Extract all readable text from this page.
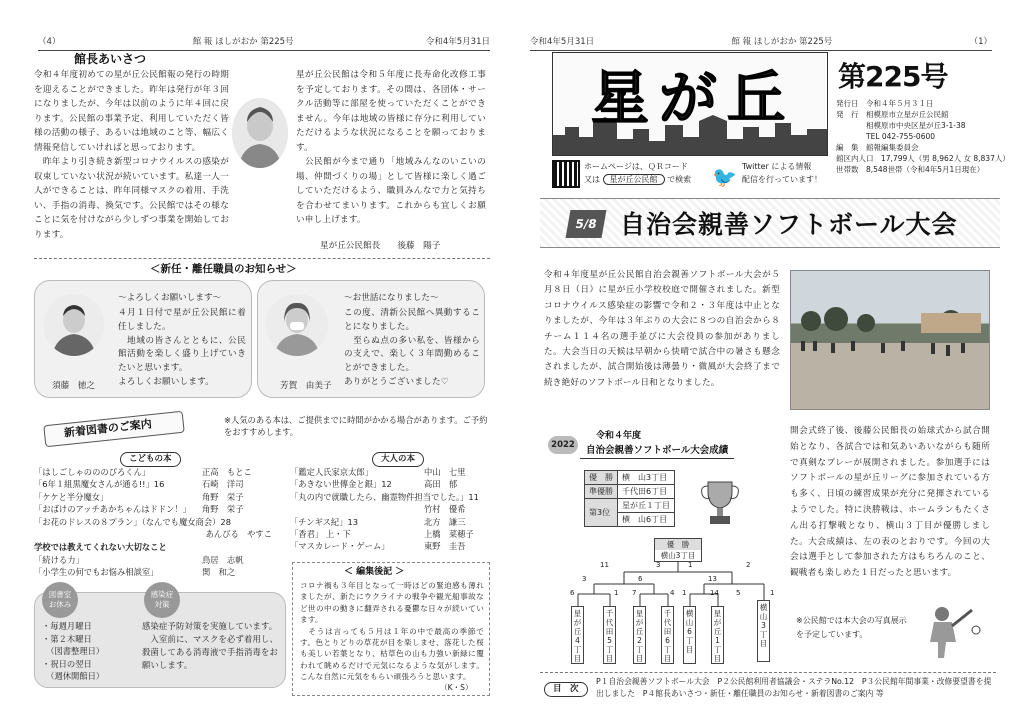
（4）	館 報 ほしがおか 第225号	令和4年5月31日
館長あいさつ
令和４年度初めての星が丘公民館報の発行の時期を迎えることができました。昨年は発行が年３回になりましたが、今年は以前のように年４回に戻ります。公民館の事業予定、利用していただく皆様の活動の様子、あるいは地域のこと等、幅広く情報発信していければと思っております。
　昨年より引き続き新型コロナウイルスの感染が収束していない状況が続いています。私達一人一人ができることは、昨年同様マスクの着用、手洗い、手指の消毒、換気です。公民館ではその様なことに気を付けながら少しずつ事業を開始しております。
星が丘公民館は令和５年度に長寿命化改修工事を予定しております。その間は、各団体・サークル活動等に部屋を使っていただくことができません。今年は地域の皆様に存分に利用していただけるような状況になることを願っております。
　公民館が今まで通り「地域みんなのいこいの場、仲間づくりの場」として皆様に楽しく過ごしていただけるよう、職員みんなで力と気持ちを合わせてまいります。これからも宜しくお願い申し上げます。
星が丘公民館長　　後藤　陽子
＜新任・離任職員のお知らせ＞
須藤　徳之
～よろしくお願いします～
４月１日付で星が丘公民館に着任しました。
　地域の皆さんとともに、公民館活動を楽しく盛り上げていきたいと思います。
よろしくお願いします。	芳賀　由美子
～お世話になりました～
この度、清新公民館へ異動することになりました。
　至らぬ点の多い私を、皆様からの支えで、楽しく３年間勤めることができました。
ありがとうございました♡
新着図書のご案内	※人気のある本は、ご提供までに時間がかかる場合があります。ご予約をおすすめします。
こどもの本
「はしごしゃのののぴろくん」	正高　もとこ
「6年１組黒魔女さんが通る!!」16	石崎　洋司
「ケケと半分魔女」	角野　栄子
「おばけのアッチあかちゃんはドドン！」	角野　栄子
「お花のドレスの８プラン」（なんでも魔女商会）28
あんびる　やすこ
学校では教えてくれない大切なこと
「続ける力」	鳥居　志帆
「小学生の何でもお悩み相談室」	関　和之
大人の本
「鑑定人氏家京太郎」	中山　七里
「あきない世傳金と銀」12	高田　郁
「丸の内で就職したら、幽霊物件担当でした。」11
竹村　優希
「チンギス紀」13	北方　謙三
「香君」 上・下	上橋　菜穂子
「マスカレード・ゲーム」	東野　圭吾
図書室
お休み
・毎週月曜日
・第２木曜日
　（図書整理日）
・祝日の翌日
　（週休開館日）
感染症
対策
感染症予防対策を実施しています。
　入室前に、マスクを必ず着用し、殺菌してある消毒液で手指消毒をお願いします。
＜ 編集後記 ＞
コロナ禍も３年目となって一時ほどの緊迫感も薄れましたが、新たにウクライナの戦争や観光船事故など世の中の動きに翻弄される憂鬱な日々が続いています。
　そうは言っても５月は１年の中で最高の季節です。色とりどりの草花が目を楽しませ、落花した桜も美しい若葉となり、枯草色の山も力強い新緑に覆われて眺めるだけで元気になるような気がします。こんな自然に元気をもらい頑張ろうと思います。
（K・S）
令和4年5月31日	館 報 ほしがおか 第225号	（1）
星が丘 第225号
発行日　令和４年５月３１日
発　行　相模原市立星が丘公民館
　　　　相模原市中央区星が丘3-1-38
　　　　TEL 042-755-0600
編　集　館報編集委員会
館区内人口　17,799人（男 8,962人 女 8,837人）
世帯数　8,548世帯（令和4年5月1日現在）
ホームページは、ＱＲコード
又は 星が丘公民館 で検索 🐦 Twitter による情報
配信を行っています！
5/8 自治会親善ソフトボール大会
令和４年度星が丘公民館自治会親善ソフトボール大会が５月８日（日）に星が丘小学校校庭で開催されました。新型コロナウイルス感染症の影響で令和２・３年度は中止となりましたが、今年は３年ぶりの大会に８つの自治会から８チーム１１４名の選手並びに大会役員の参加がありました。大会当日の天候は早朝から快晴で試合中の暑さも懸念されましたが、試合開始後は薄曇り・微風が大会終了まで続き絶好のソフトボール日和となりました。
2022
令和４年度
自治会親善ソフトボール大会成績
優　勝	横　山3丁目
準優勝	千代田6丁目
第3位	星が丘１丁目
	横　山6丁目
優　勝
横山3丁目
11	3	1	2
3	6	13
6	1 7	4 1	14 5	1
星が丘4丁目
千代田5丁目
星が丘2丁目
千代田6丁目
横山6丁目
星が丘1丁目
横山3丁目
開会式終了後、後藤公民館長の始球式から試合開始となり、各試合では和気あいあいながらも随所で真剣なプレーが展開されました。参加選手にはソフトボールの星が丘リーグに参加されている方も多く、日頃の練習成果が充分に発揮されているようでした。特に決勝戦は、ホームランもたくさん出る打撃戦となり、横山３丁目が優勝しました。大会成績は、左の表のとおりです。今回の大会は選手として参加された方はもちろんのこと、観戦者も楽しめた１日だったと思います。
※公民館では本大会の写真展示を予定しています。
目　次
P１自治会親善ソフトボール大会　P２公民館利用者協議会・ステラNo.12　P３公民館年間事業・改修要望書を提出しました　P４館長あいさつ・新任・離任職員のお知らせ・新着図書のご案内 等
